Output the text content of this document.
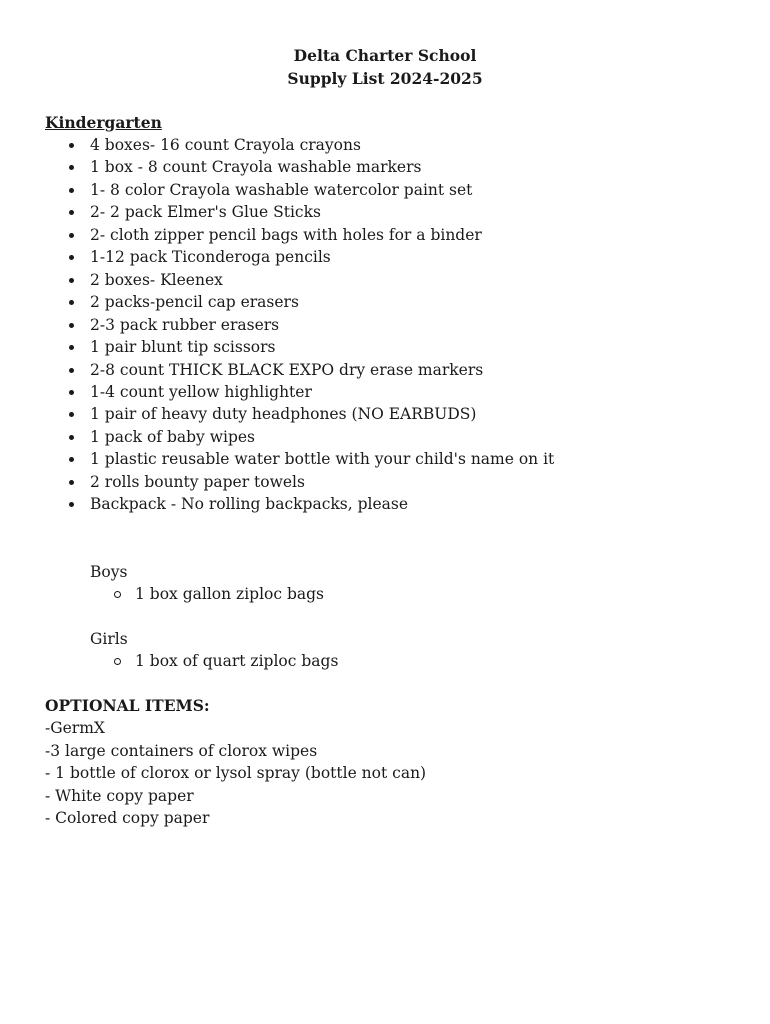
Delta Charter School
Supply List 2024-2025
Kindergarten
4 boxes- 16 count Crayola crayons
1 box - 8 count Crayola washable markers
1- 8 color Crayola washable watercolor paint set
2- 2 pack Elmer's Glue Sticks
2- cloth zipper pencil bags with holes for a binder
1-12 pack Ticonderoga pencils
2 boxes- Kleenex
2 packs-pencil cap erasers
2-3 pack rubber erasers
1 pair blunt tip scissors
2-8 count THICK BLACK EXPO dry erase markers
1-4 count yellow highlighter
1 pair of heavy duty headphones (NO EARBUDS)
1 pack of baby wipes
1 plastic reusable water bottle with your child's name on it
2 rolls bounty paper towels
Backpack - No rolling backpacks, please
Boys
1 box gallon ziploc bags
Girls
1 box of quart ziploc bags
OPTIONAL ITEMS:
-GermX
-3 large containers of clorox wipes
- 1 bottle of clorox or lysol spray (bottle not can)
- White copy paper
- Colored copy paper
